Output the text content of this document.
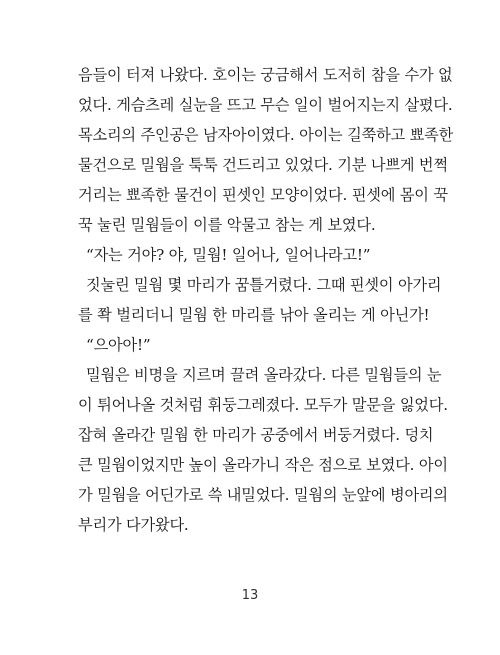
음들이 터져 나왔다. 호이는 궁금해서 도저히 참을 수가 없
었다. 게슴츠레 실눈을 뜨고 무슨 일이 벌어지는지 살폈다.
목소리의 주인공은 남자아이였다. 아이는 길쭉하고 뾰족한
물건으로 밀웜을 툭툭 건드리고 있었다. 기분 나쁘게 번쩍
거리는 뾰족한 물건이 핀셋인 모양이었다. 핀셋에 몸이 꾹
꾹 눌린 밀웜들이 이를 악물고 참는 게 보였다.
“자는 거야? 야, 밀웜! 일어나, 일어나라고!”
짓눌린 밀웜 몇 마리가 꿈틀거렸다. 그때 핀셋이 아가리
를 쫙 벌리더니 밀웜 한 마리를 낚아 올리는 게 아닌가!
“으아아!”
밀웜은 비명을 지르며 끌려 올라갔다. 다른 밀웜들의 눈
이 튀어나올 것처럼 휘둥그레졌다. 모두가 말문을 잃었다.
잡혀 올라간 밀웜 한 마리가 공중에서 버둥거렸다. 덩치
큰 밀웜이었지만 높이 올라가니 작은 점으로 보였다. 아이
가 밀웜을 어딘가로 쓱 내밀었다. 밀웜의 눈앞에 병아리의
부리가 다가왔다.
13
